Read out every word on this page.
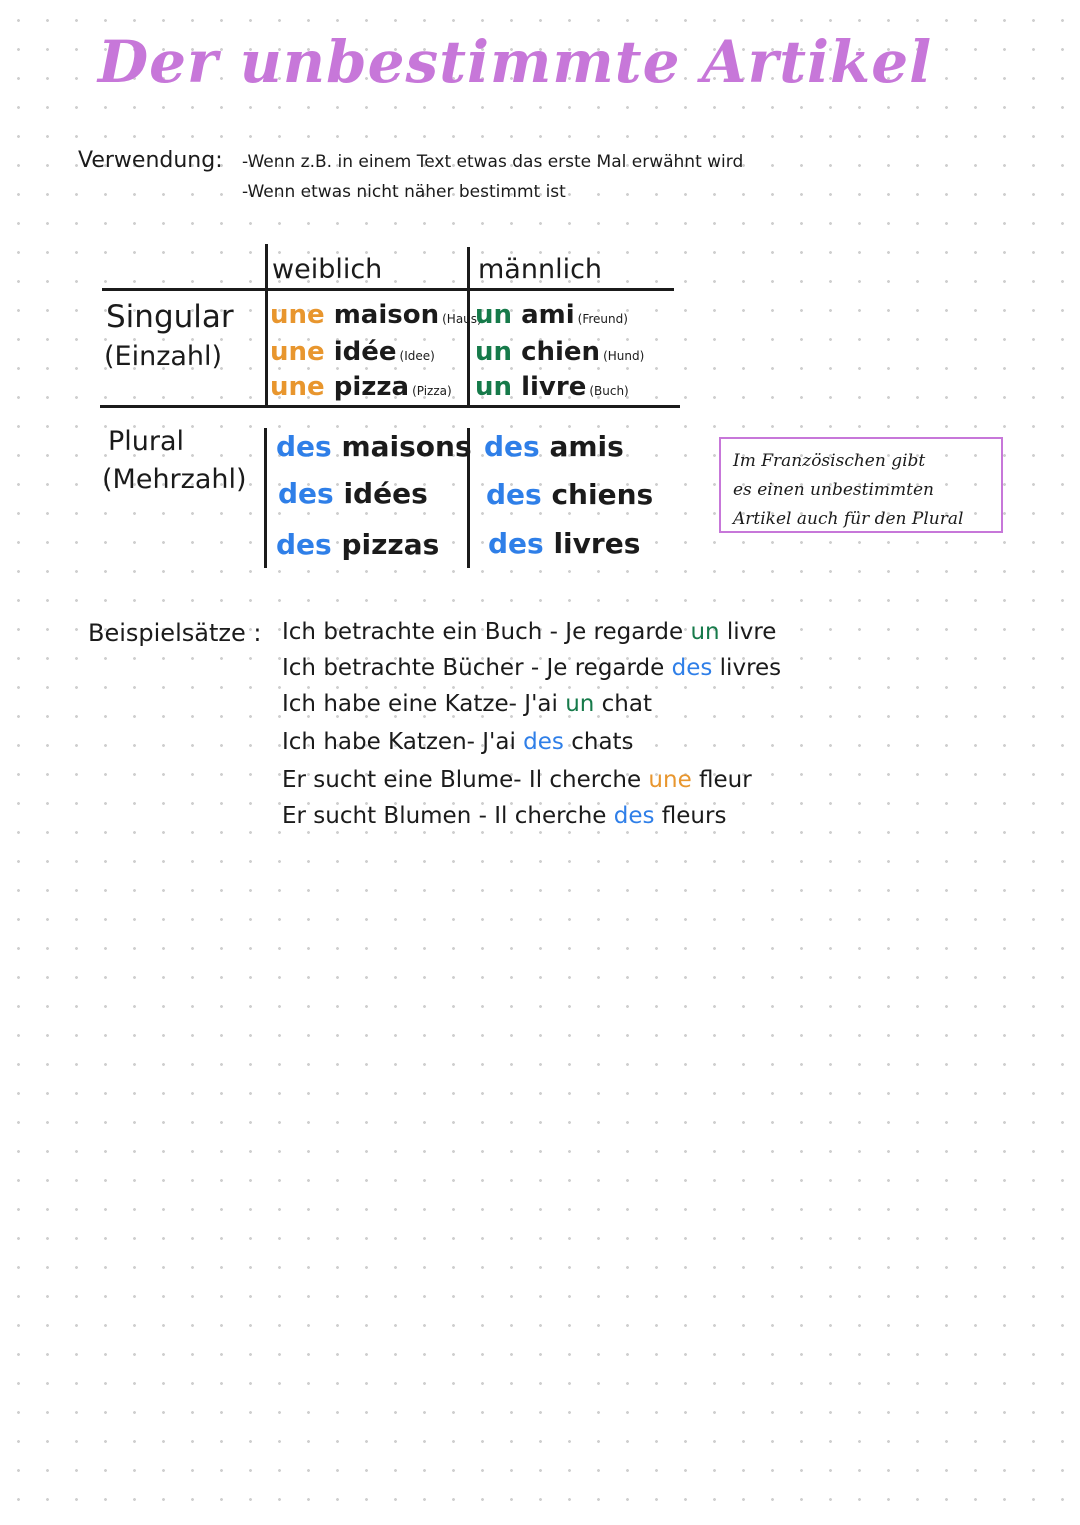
Der unbestimmte Artikel
Verwendung: -Wenn z.B. in einem Text etwas das erste Mal erwähnt wird
-Wenn etwas nicht näher bestimmt ist
weiblich	männlich
Singular
(Einzahl)
Plural
(Mehrzahl)
une maison (Haus)
une idée (Idee)
une pizza (Pizza)
un ami (Freund)
un chien (Hund)
un livre (Buch)
des maisons
des idées
des pizzas
des amis
des chiens
des livres
Im Französischen gibt
es einen unbestimmten
Artikel auch für den Plural
Beispielsätze : Ich betrachte ein Buch - Je regarde un livre
Ich betrachte Bücher - Je regarde des livres
Ich habe eine Katze- J'ai un chat
Ich habe Katzen- J'ai des chats
Er sucht eine Blume- Il cherche une fleur
Er sucht Blumen - Il cherche des fleurs
